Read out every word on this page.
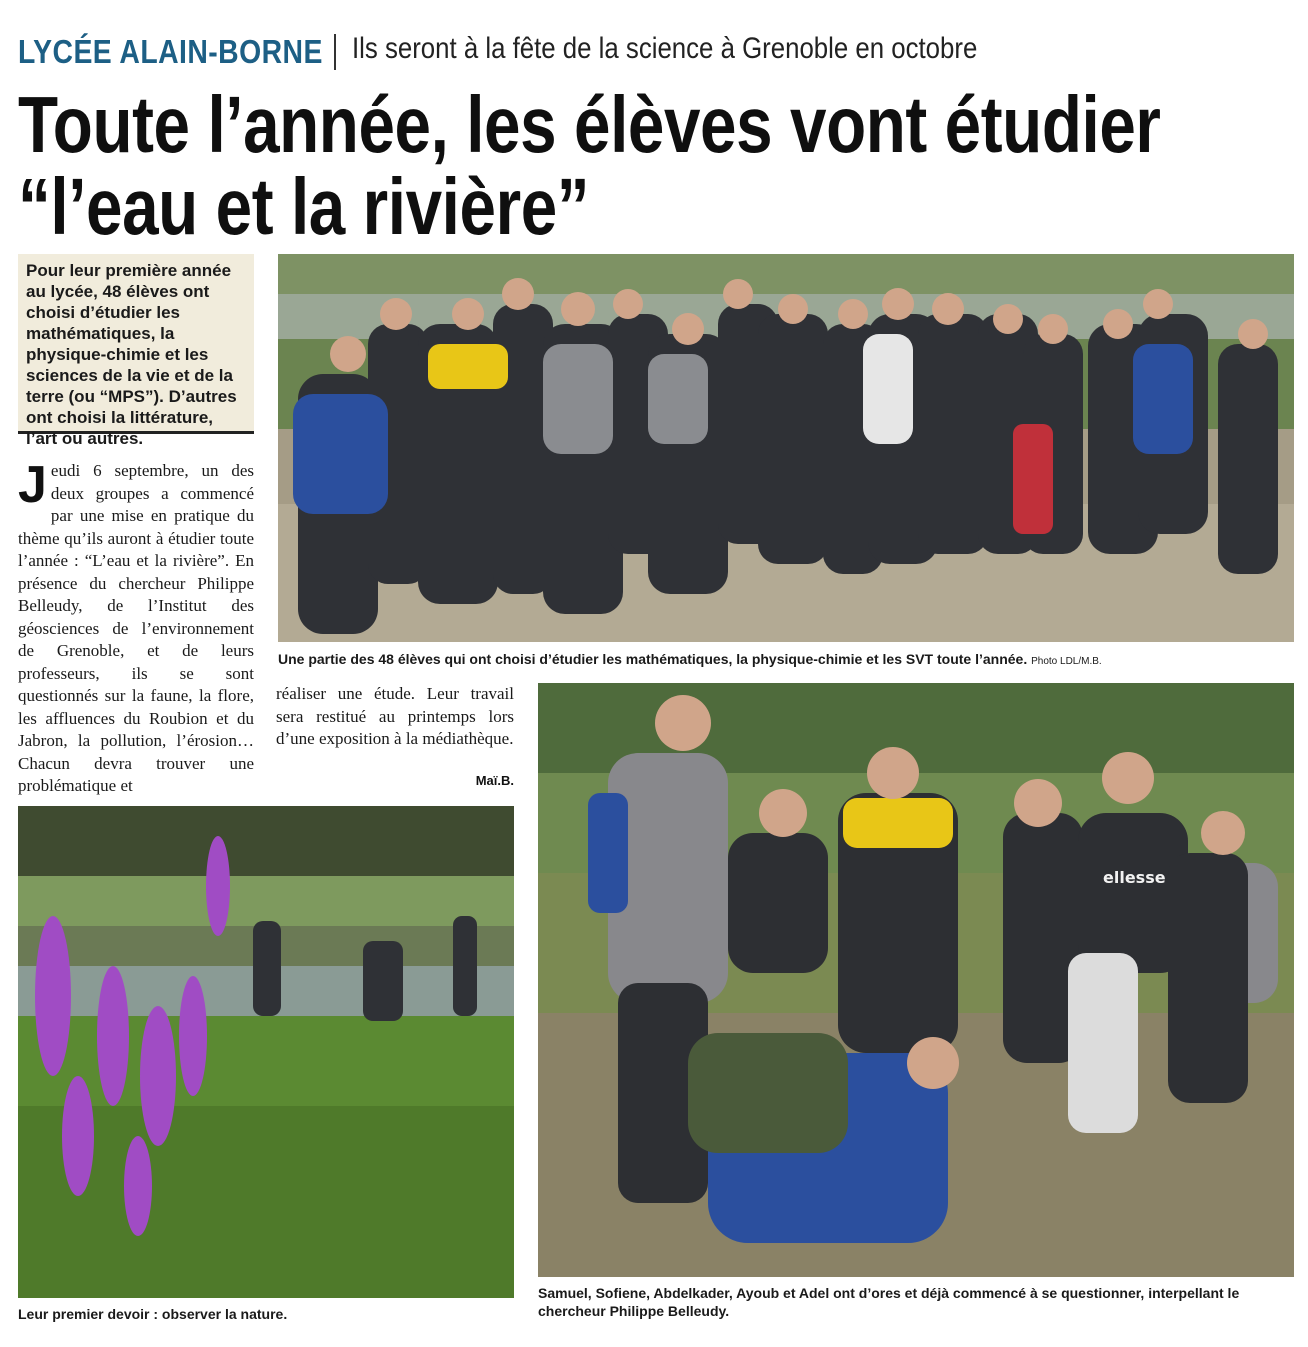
LYCÉE ALAIN-BORNE Ils seront à la fête de la science à Grenoble en octobre
Toute l’année, les élèves vont étudier
“l’eau et la rivière”

Pour leur première année au lycée, 48 élèves ont choisi d’étudier les mathématiques, la physique-chimie et les sciences de la vie et de la terre (ou “MPS”). D’autres ont choisi la littérature, l’art ou autres.

Jeudi 6 septembre, un des deux groupes a commencé par une mise en pratique du thème qu’ils auront à étudier toute l’année : “L’eau et la rivière”. En présence du chercheur Philippe Belleudy, de l’Institut des géosciences de l’environnement de Grenoble, et de leurs professeurs, ils se sont questionnés sur la faune, la flore, les affluences du Roubion et du Jabron, la pollution, l’érosion… Chacun devra trouver une problématique et
réaliser une étude. Leur travail sera restitué au printemps lors d’une exposition à la médiathèque.
Maï.B.
Une partie des 48 élèves qui ont choisi d’étudier les mathématiques, la physique-chimie et les SVT toute l’année. Photo LDL/M.B.
Leur premier devoir : observer la nature.
ellesse
Samuel, Sofiene, Abdelkader, Ayoub et Adel ont d’ores et déjà commencé à se questionner, interpellant le chercheur Philippe Belleudy.
